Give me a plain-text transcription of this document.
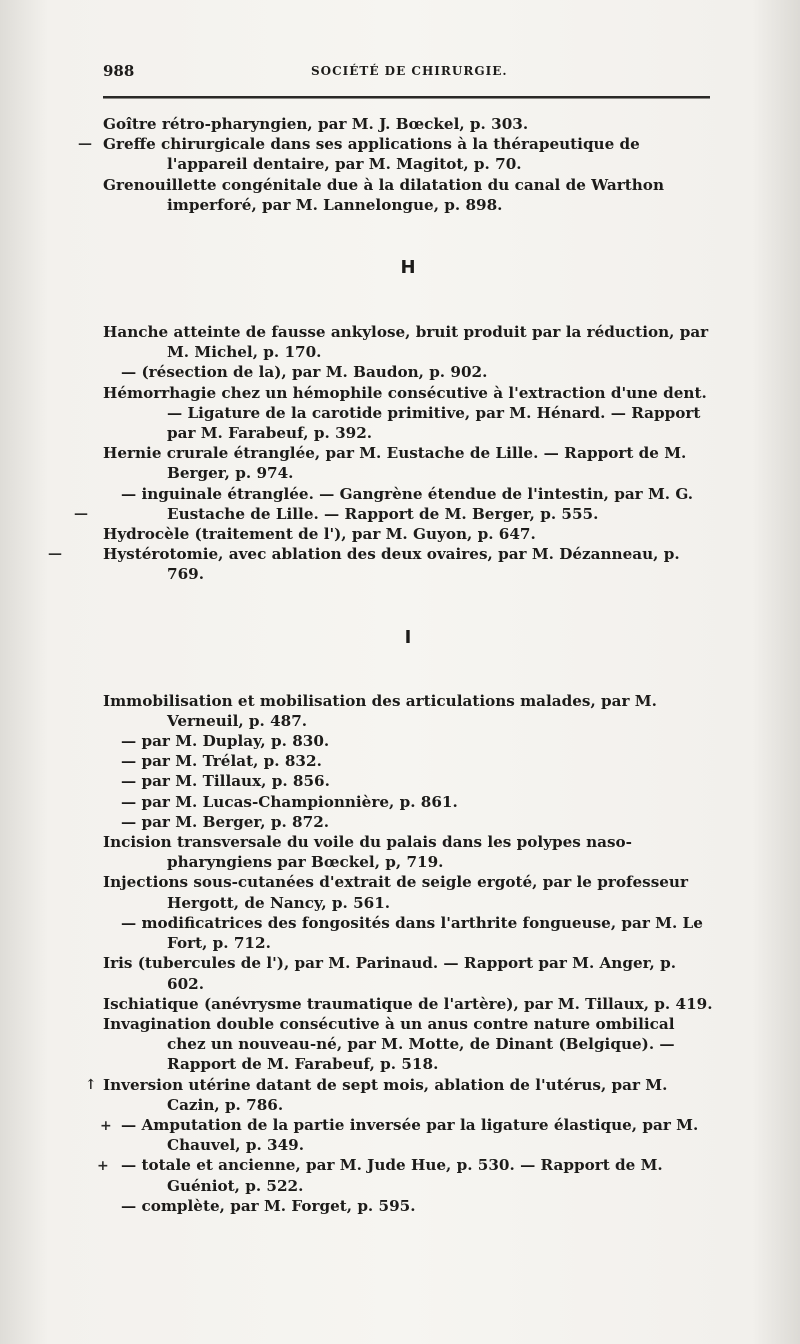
988	SOCIÉTÉ DE CHIRURGIE.
—
—
—
↑
+
+

Goître rétro-pharyngien, par M. J. Bœckel, p. 303.

Greffe chirurgicale dans ses applications à la thérapeutique de l'appareil dentaire, par M. Magitot, p. 70.

Grenouillette congénitale due à la dilatation du canal de Warthon imperforé, par M. Lannelongue, p. 898.

H

Hanche atteinte de fausse ankylose, bruit produit par la réduction, par M. Michel, p. 170.

— (résection de la), par M. Baudon, p. 902.

Hémorrhagie chez un hémophile consécutive à l'extraction d'une dent. — Ligature de la carotide primitive, par M. Hénard. — Rapport par M. Farabeuf, p. 392.

Hernie crurale étranglée, par M. Eustache de Lille. — Rapport de M. Berger, p. 974.

— inguinale étranglée. — Gangrène étendue de l'intestin, par M. G. Eustache de Lille. — Rapport de M. Berger, p. 555.

Hydrocèle (traitement de l'), par M. Guyon, p. 647.

Hystérotomie, avec ablation des deux ovaires, par M. Dézanneau, p. 769.

I

Immobilisation et mobilisation des articulations malades, par M. Verneuil, p. 487.

— par M. Duplay, p. 830.

— par M. Trélat, p. 832.

— par M. Tillaux, p. 856.

— par M. Lucas-Championnière, p. 861.

— par M. Berger, p. 872.

Incision transversale du voile du palais dans les polypes naso-pharyngiens par Bœckel, p, 719.

Injections sous-cutanées d'extrait de seigle ergoté, par le professeur Hergott, de Nancy, p. 561.

— modificatrices des fongosités dans l'arthrite fongueuse, par M. Le Fort, p. 712.

Iris (tubercules de l'), par M. Parinaud. — Rapport par M. Anger, p. 602.

Ischiatique (anévrysme traumatique de l'artère), par M. Tillaux, p. 419.

Invagination double consécutive à un anus contre nature ombilical chez un nouveau-né, par M. Motte, de Dinant (Belgique). — Rapport de M. Farabeuf, p. 518.

Inversion utérine datant de sept mois, ablation de l'utérus, par M. Cazin, p. 786.

— Amputation de la partie inversée par la ligature élastique, par M. Chauvel, p. 349.

— totale et ancienne, par M. Jude Hue, p. 530. — Rapport de M. Guéniot, p. 522.

— complète, par M. Forget, p. 595.
